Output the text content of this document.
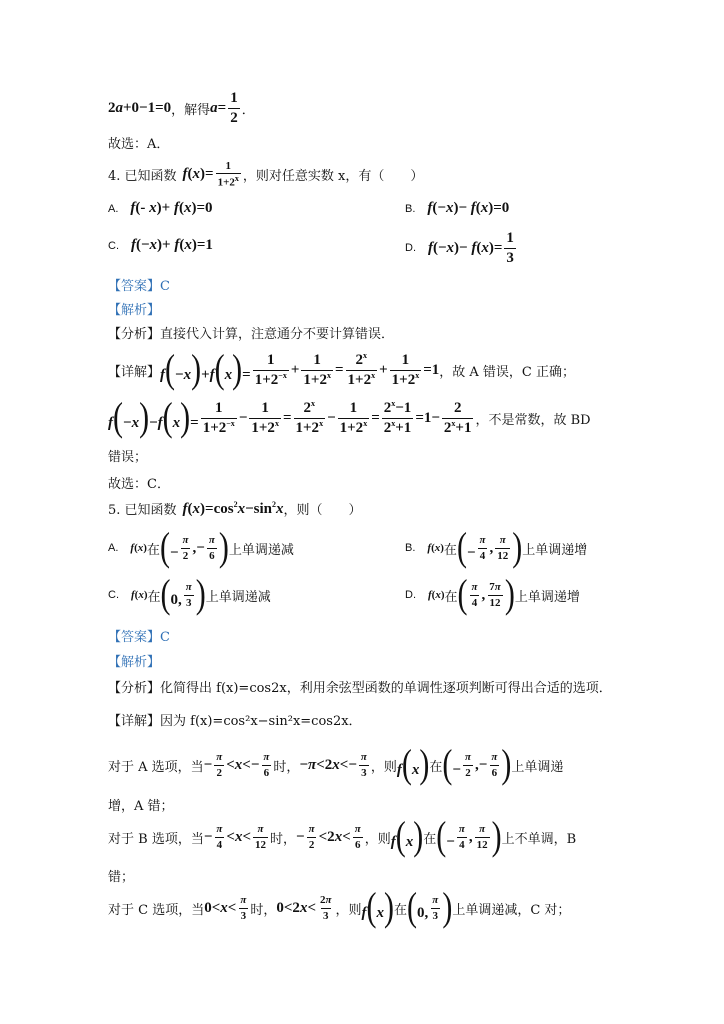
2a+0−1=0 ，解得 $a = \frac{1}{2}$ ．
故选：A．
4. 已知函数 $f(x)= \frac{1}{1+2^x}$ ，则对任意实数 x，有（　　）
A. f(- x)+ f(x)=0	B. f(−x)− f(x)=0
C. f(−x)+ f(x)=1	D. $f(-x)- f(x)= \frac{1}{3}$
【答案】C
【解析】
【分析】 直接代入计算，注意通分不要计算错误．
【详解】 $f(-x)+f(x)= \frac{1}{1+2^{-x}} + \frac{1}{1+2^x} = \frac{2^x}{1+2^x} + \frac{1}{1+2^x} =1$ ，故 A 错误，C 正确；
$f(-x)-f(x)= \frac{1}{1+2^{-x}} - \frac{1}{1+2^x} = \frac{2^x}{1+2^x} - \frac{1}{1+2^x} = \frac{2^x-1}{2^x+1} =1- \frac{2}{2^x+1}$ ，不是常数，故 BD
错误；
故选：C．
5. 已知函数 $f(x)=\cos^2x-\sin^2x$ ，则（　　）
A. f(x) 在 (− $\frac{\pi}{2}$ ,− $\frac{\pi}{6}$ ) 上单调递减	B. f(x) 在 (− $\frac{\pi}{4}$ , $\frac{\pi}{12}$ ) 上单调递增
C. f(x) 在 (0, $\frac{\pi}{3}$ ) 上单调递减	D. f(x) 在 ( $\frac{\pi}{4}$ , $\frac{7\pi}{12}$ ) 上单调递增
【答案】C
【解析】
【分析】 化简得出 f(x)=cos2x，利用余弦型函数的单调性逐项判断可得出合适的选项．
【详解】 因为 f(x)=cos²x−sin²x=cos2x．
对于 A 选项，当 − $\frac{\pi}{2} <x<- \frac{\pi}{6}$ 时， $-\pi<2x<- \frac{\pi}{3}$ ，则 f(x) 在 (− $\frac{\pi}{2}$ ,− $\frac{\pi}{6}$ ) 上单调递
增，A 错；
对于 B 选项，当 − $\frac{\pi}{4} <x< \frac{\pi}{12}$ 时， − $\frac{\pi}{2} <2x< \frac{\pi}{6}$ ，则 f(x) 在 (− $\frac{\pi}{4}$ , $\frac{\pi}{12}$ ) 上不单调，B
错；
对于 C 选项，当 $0<x< \frac{\pi}{3}$ 时， $0<2x< \frac{2\pi}{3}$ ，则 f(x) 在 (0, $\frac{\pi}{3}$ ) 上单调递减，C 对；
